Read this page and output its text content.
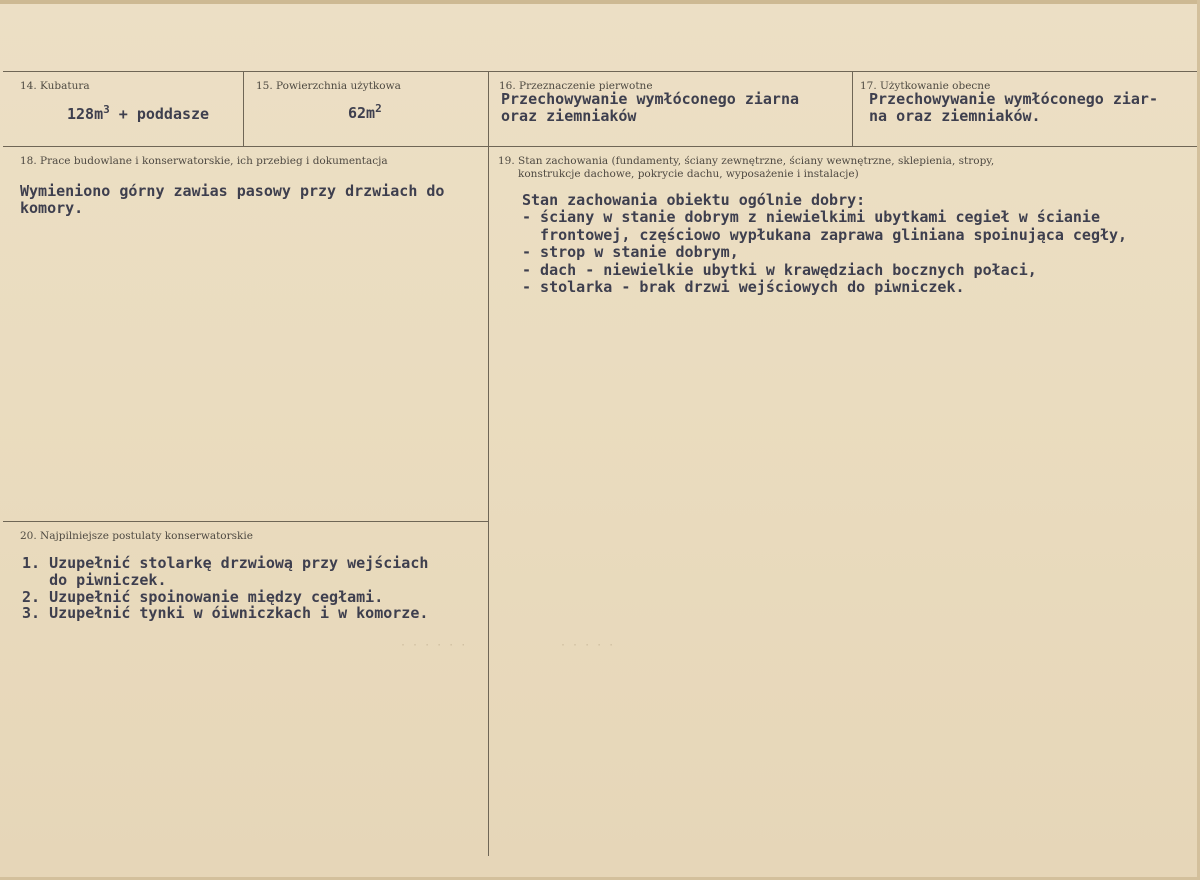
14. Kubatura
$128m^3$ + poddasze
15. Powierzchnia użytkowa
$62m^2$
16. Przeznaczenie pierwotne
Przechowywanie wymłóconego ziarna
oraz ziemniaków
17. Użytkowanie obecne
Przechowywanie wymłóconego ziar-
na oraz ziemniaków.
18. Prace budowlane i konserwatorskie, ich przebieg i dokumentacja
Wymieniono górny zawias pasowy przy drzwiach do
komory.
19. Stan zachowania (fundamenty, ściany zewnętrzne, ściany wewnętrzne, sklepienia, stropy,
konstrukcje dachowe, pokrycie dachu, wyposażenie i instalacje)
Stan zachowania obiektu ogólnie dobry:
- ściany w stanie dobrym z niewielkimi ubytkami cegieł w ścianie
frontowej, częściowo wypłukana zaprawa gliniana spoinująca cegły,
- strop w stanie dobrym,
- dach - niewielkie ubytki w krawędziach bocznych połaci,
- stolarka - brak drzwi wejściowych do piwniczek.
20. Najpilniejsze postulaty konserwatorskie
1. Uzupełnić stolarkę drzwiową przy wejściach
do piwniczek.
2. Uzupełnić spoinowanie między cegłami.
3. Uzupełnić tynki w óiwniczkach i w komorze.
· · · · · ·	· · · · ·
